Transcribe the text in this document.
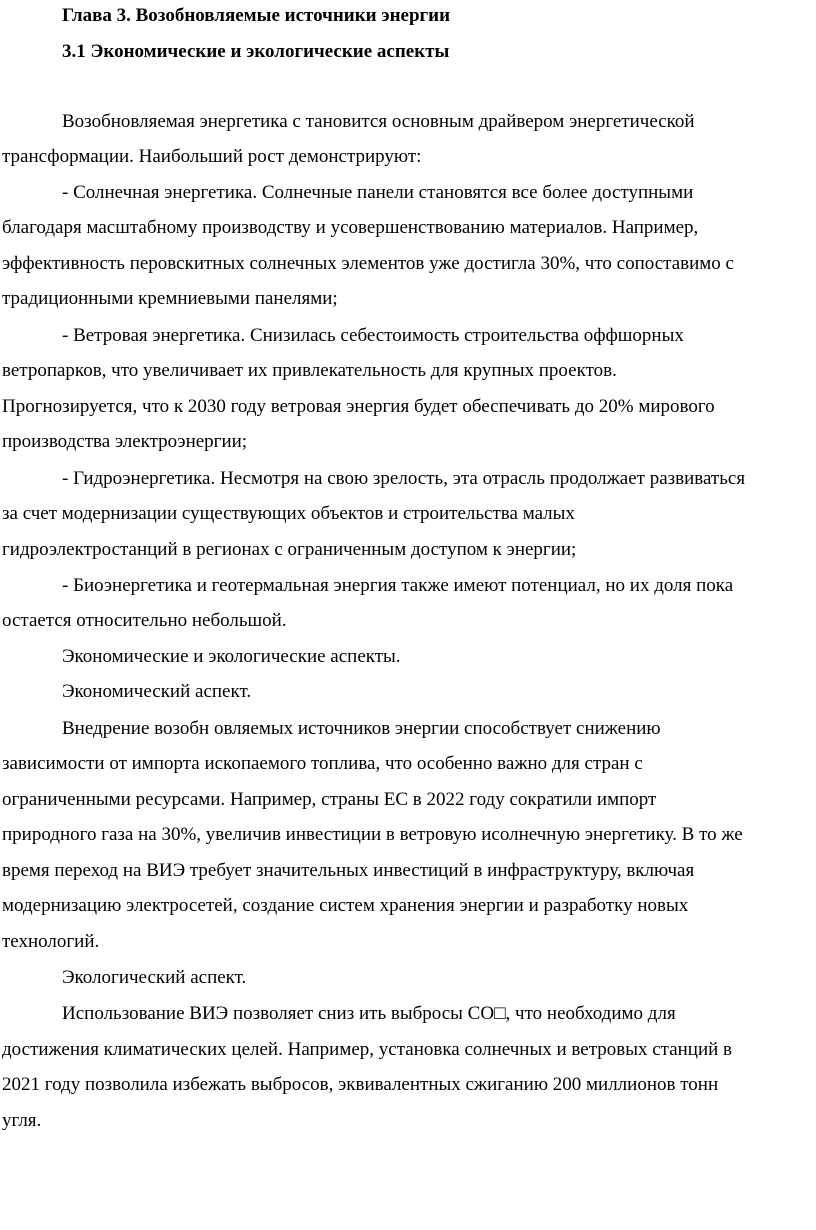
Глава 3. Возобновляемые источники энергии
3.1 Экономические и экологические аспекты
Возобновляемая энергетика с тановится основным драйвером энергетической
трансформации. Наибольший рост демонстрируют:
- Солнечная энергетика. Солнечные панели становятся все более доступными
благодаря масштабному производству и усовершенствованию материалов. Например,
эффективность перовскитных солнечных элементов уже достигла 30%, что сопоставимо с
традиционными кремниевыми панелями;
- Ветровая энергетика. Снизилась себестоимость строительства оффшорных
ветропарков, что увеличивает их привлекательность для крупных проектов.
Прогнозируется, что к 2030 году ветровая энергия будет обеспечивать до 20% мирового
производства электроэнергии;
- Гидроэнергетика. Несмотря на свою зрелость, эта отрасль продолжает развиваться
за счет модернизации существующих объектов и строительства малых
гидроэлектростанций в регионах с ограниченным доступом к энергии;
- Биоэнергетика и геотермальная энергия также имеют потенциал, но их доля пока
остается относительно небольшой.
Экономические и экологические аспекты.
Экономический аспект.
Внедрение возобн овляемых источников энергии способствует снижению
зависимости от импорта ископаемого топлива, что особенно важно для стран с
ограниченными ресурсами. Например, страны ЕС в 2022 году сократили импорт
природного газа на 30%, увеличив инвестиции в ветровую исолнечную энергетику. В то же
время переход на ВИЭ требует значительных инвестиций в инфраструктуру, включая
модернизацию электросетей, создание систем хранения энергии и разработку новых
технологий.
Экологический аспект.
Использование ВИЭ позволяет сниз ить выбросы CO□, что необходимо для
достижения климатических целей. Например, установка солнечных и ветровых станций в
2021 году позволила избежать выбросов, эквивалентных сжиганию 200 миллионов тонн
угля.
